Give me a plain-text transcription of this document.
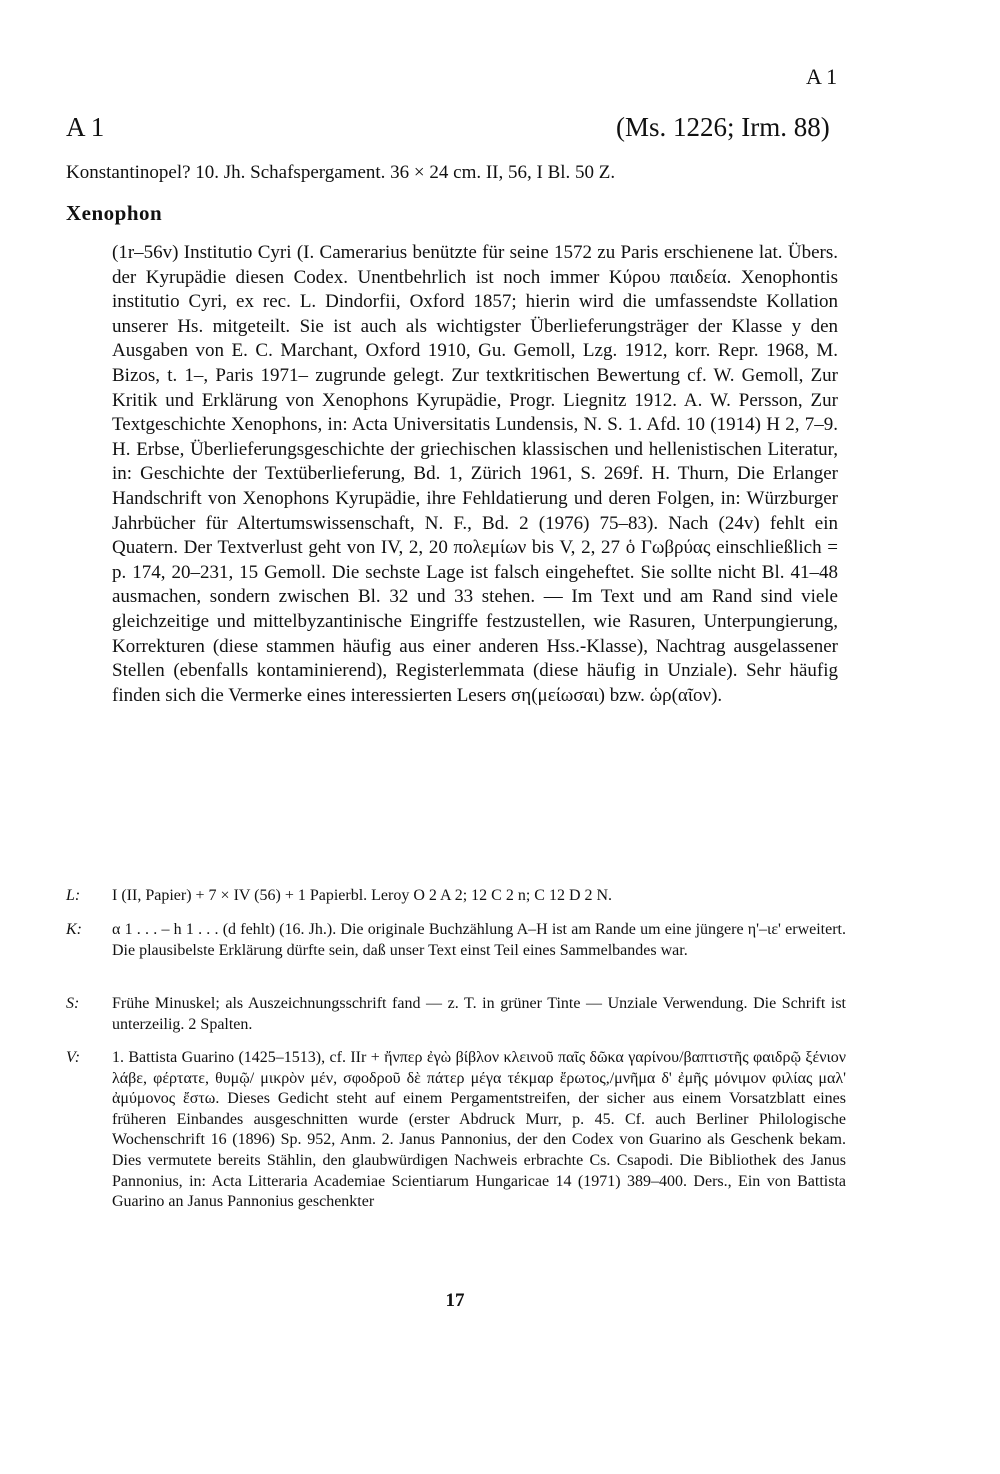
A 1
A 1	(Ms. 1226; Irm. 88)
Konstantinopel? 10. Jh. Schafspergament. 36 × 24 cm. II, 56, I Bl. 50 Z.
Xenophon

(1r–56v) Institutio Cyri (I. Camerarius benützte für seine 1572 zu Paris erschienene lat. Übers. der Kyrupädie diesen Codex. Unentbehrlich ist noch immer Κύρου παιδεία. Xenophontis institutio Cyri, ex rec. L. Dindorfii, Oxford 1857; hierin wird die umfassendste Kollation unserer Hs. mitgeteilt. Sie ist auch als wichtigster Überlieferungsträger der Klasse y den Ausgaben von E. C. Marchant, Oxford 1910, Gu. Gemoll, Lzg. 1912, korr. Repr. 1968, M. Bizos, t. 1–, Paris 1971– zugrunde gelegt. Zur textkritischen Bewertung cf. W. Gemoll, Zur Kritik und Erklärung von Xenophons Kyrupädie, Progr. Liegnitz 1912. A. W. Persson, Zur Textgeschichte Xenophons, in: Acta Universitatis Lundensis, N. S. 1. Afd. 10 (1914) H 2, 7–9. H. Erbse, Überlieferungsgeschichte der griechischen klassischen und hellenistischen Literatur, in: Geschichte der Textüberlieferung, Bd. 1, Zürich 1961, S. 269f. H. Thurn, Die Erlanger Handschrift von Xenophons Kyrupädie, ihre Fehldatierung und deren Folgen, in: Würzburger Jahrbücher für Altertumswissenschaft, N. F., Bd. 2 (1976) 75–83). Nach (24v) fehlt ein Quatern. Der Textverlust geht von IV, 2, 20 πολεμίων bis V, 2, 27 ὁ Γωβρύας einschließlich = p. 174, 20–231, 15 Gemoll. Die sechste Lage ist falsch eingeheftet. Sie sollte nicht Bl. 41–48 ausmachen, sondern zwischen Bl. 32 und 33 stehen. — Im Text und am Rand sind viele gleichzeitige und mittelbyzantinische Eingriffe festzustellen, wie Rasuren, Unterpungierung, Korrekturen (diese stammen häufig aus einer anderen Hss.-Klasse), Nachtrag ausgelassener Stellen (ebenfalls kontaminierend), Registerlemmata (diese häufig in Unziale). Sehr häufig finden sich die Vermerke eines interessierten Lesers ση(μείωσαι) bzw. ὡρ(αῖον).

L: I (II, Papier) + 7 × IV (56) + 1 Papierbl. Leroy O 2 A 2; 12 C 2 n; C 12 D 2 N.
K: α 1 . . . – h 1 . . . (d fehlt) (16. Jh.). Die originale Buchzählung A–H ist am Rande um eine jüngere η'–ιε' erweitert. Die plausibelste Erklärung dürfte sein, daß unser Text einst Teil eines Sammelbandes war.
S: Frühe Minuskel; als Auszeichnungsschrift fand — z. T. in grüner Tinte — Unziale Verwendung. Die Schrift ist unterzeilig. 2 Spalten.
V: 1. Battista Guarino (1425–1513), cf. IIr + ἤνπερ ἐγὼ βίβλον κλεινοῦ παῖς δῶκα γαρίνου/βαπτιστῆς φαιδρῷ ξένιον λάβε, φέρτατε, θυμῷ/ μικρὸν μέν, σφοδροῦ δὲ πάτερ μέγα τέκμαρ ἔρωτος,/μνῆμα δ' ἐμῆς μόνιμον φιλίας μαλ' ἀμύμονος ἔστω. Dieses Gedicht steht auf einem Pergamentstreifen, der sicher aus einem Vorsatzblatt eines früheren Einbandes ausgeschnitten wurde (erster Abdruck Murr, p. 45. Cf. auch Berliner Philologische Wochenschrift 16 (1896) Sp. 952, Anm. 2. Janus Pannonius, der den Codex von Guarino als Geschenk bekam. Dies vermutete bereits Stählin, den glaubwürdigen Nachweis erbrachte Cs. Csapodi. Die Bibliothek des Janus Pannonius, in: Acta Litteraria Academiae Scientiarum Hungaricae 14 (1971) 389–400. Ders., Ein von Battista Guarino an Janus Pannonius geschenkter
17
